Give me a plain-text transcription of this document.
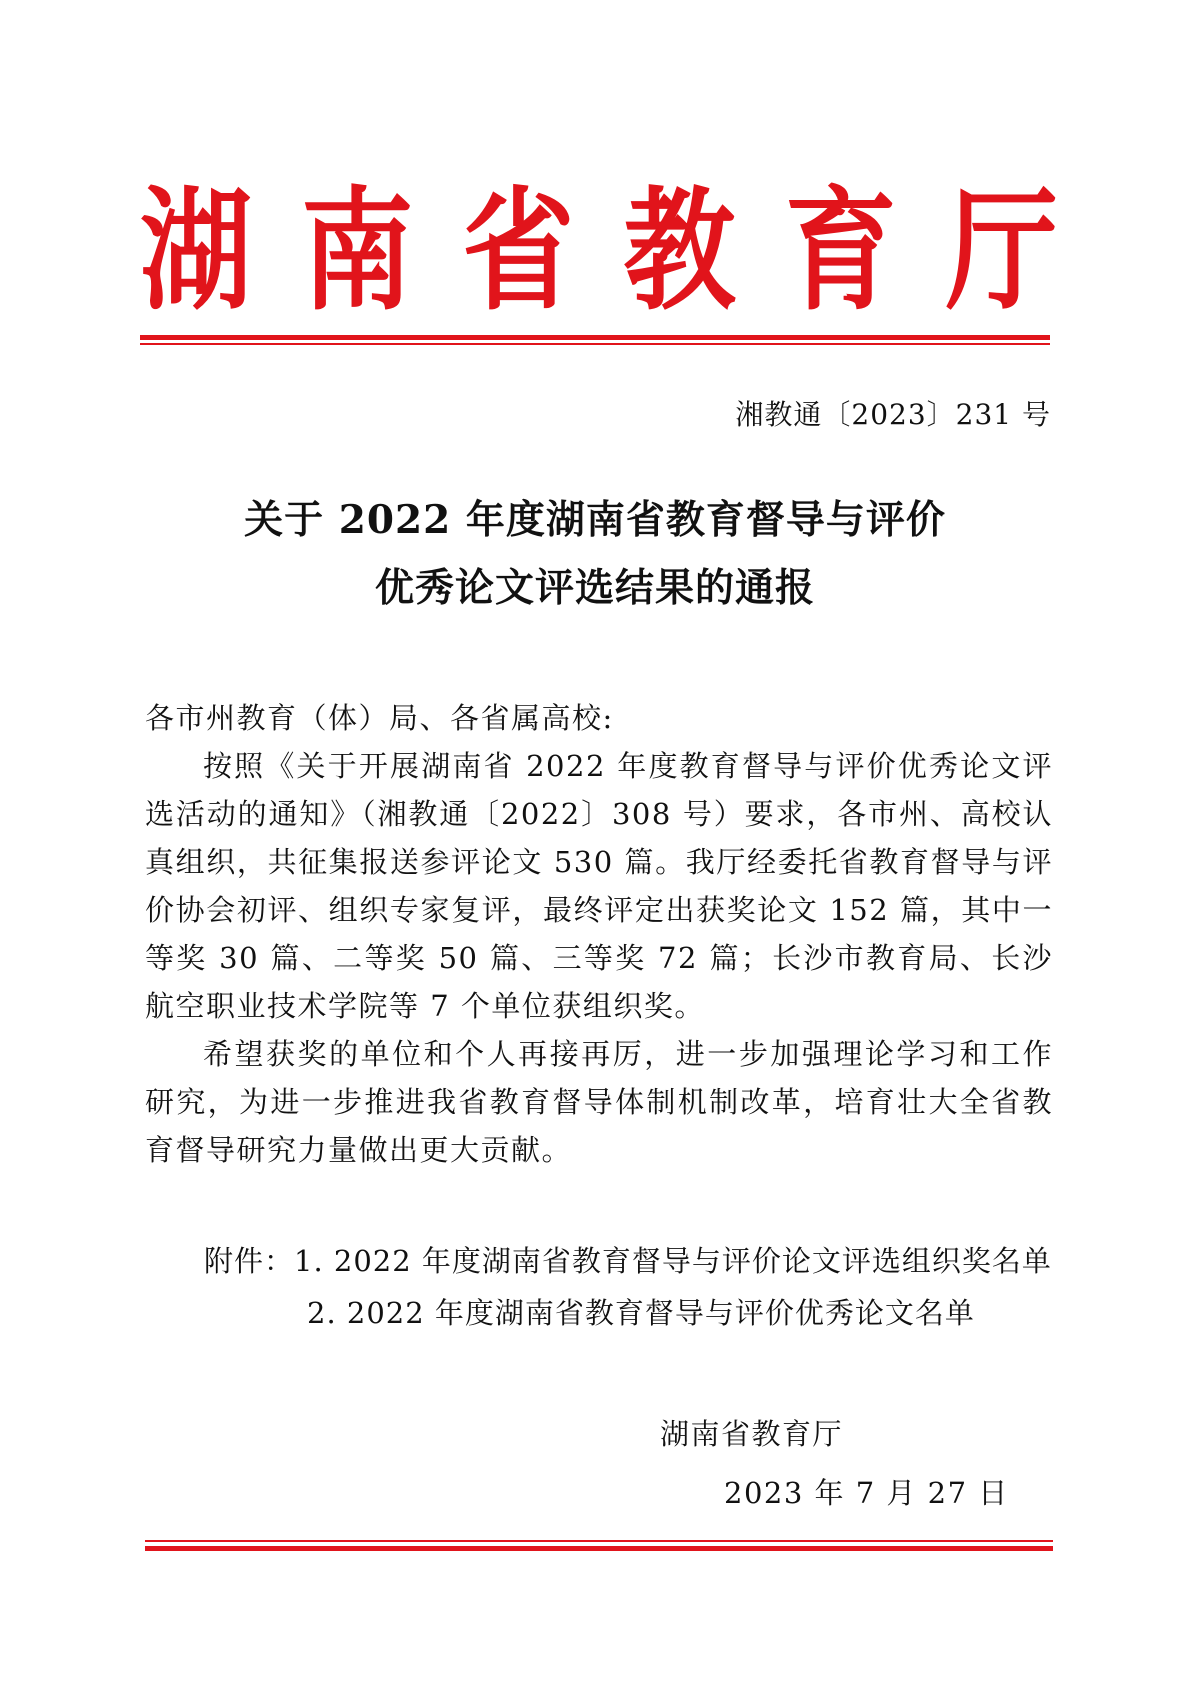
湖 南 省 教 育 厅
湘教通〔2023〕231 号
关于 2022 年度湖南省教育督导与评价
优秀论文评选结果的通报
各市州教育（体）局、各省属高校:
按照《关于开展湖南省 2022 年度教育督导与评价优秀论文评选活动的通知》（湘教通〔2022〕308 号）要求，各市州、高校认真组织，共征集报送参评论文 530 篇。我厅经委托省教育督导与评价协会初评、组织专家复评，最终评定出获奖论文 152 篇，其中一等奖 30 篇、二等奖 50 篇、三等奖 72 篇；长沙市教育局、长沙航空职业技术学院等 7 个单位获组织奖。
希望获奖的单位和个人再接再厉，进一步加强理论学习和工作研究，为进一步推进我省教育督导体制机制改革，培育壮大全省教育督导研究力量做出更大贡献。
附件：1. 2022 年度湖南省教育督导与评价论文评选组织奖名单
2. 2022 年度湖南省教育督导与评价优秀论文名单
湖南省教育厅
2023 年 7 月 27 日
